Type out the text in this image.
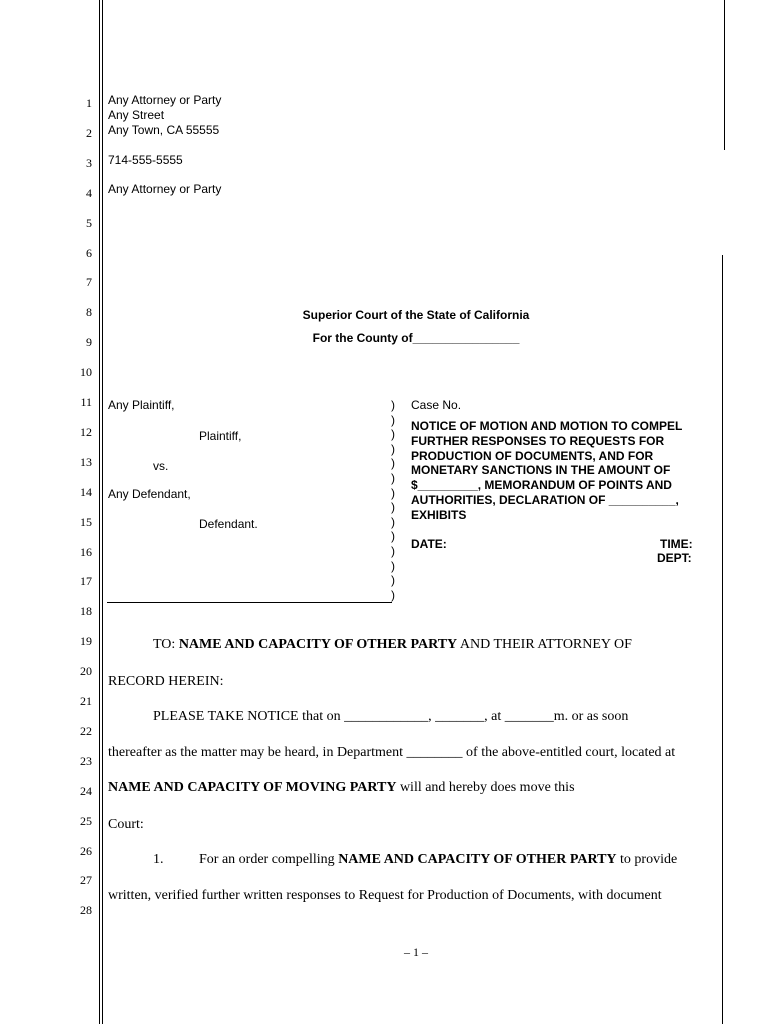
1
2
3
4
5
6
7
8
9
10
11
12
13
14
15
16
17
18
19
20
21
22
23
24
25
26
27
28
Any Attorney or Party
Any Street
Any Town, CA 55555
714-555-5555
Any Attorney or Party
Superior Court of the State of California
For the County of________________
Any Plaintiff,
Plaintiff,
vs.
Any Defendant,
Defendant.
)
)
)
)
)
)
)
)
)
)
)
)
)
)
Case No.
NOTICE OF MOTION AND MOTION TO COMPEL FURTHER RESPONSES TO REQUESTS FOR PRODUCTION OF DOCUMENTS, AND FOR MONETARY SANCTIONS IN THE AMOUNT OF $_________, MEMORANDUM OF POINTS AND AUTHORITIES, DECLARATION OF __________, EXHIBITS
DATE:	TIME:
DEPT:
TO: NAME AND CAPACITY OF OTHER PARTY AND THEIR ATTORNEY OF
RECORD HEREIN:
PLEASE TAKE NOTICE that on ____________, _______, at _______m. or as soon
thereafter as the matter may be heard, in Department ________ of the above-entitled court, located at
NAME AND CAPACITY OF MOVING PARTY will and hereby does move this
Court:
1.	For an order compelling NAME AND CAPACITY OF OTHER PARTY to provide
written, verified further written responses to Request for Production of Documents, with document
– 1 –
